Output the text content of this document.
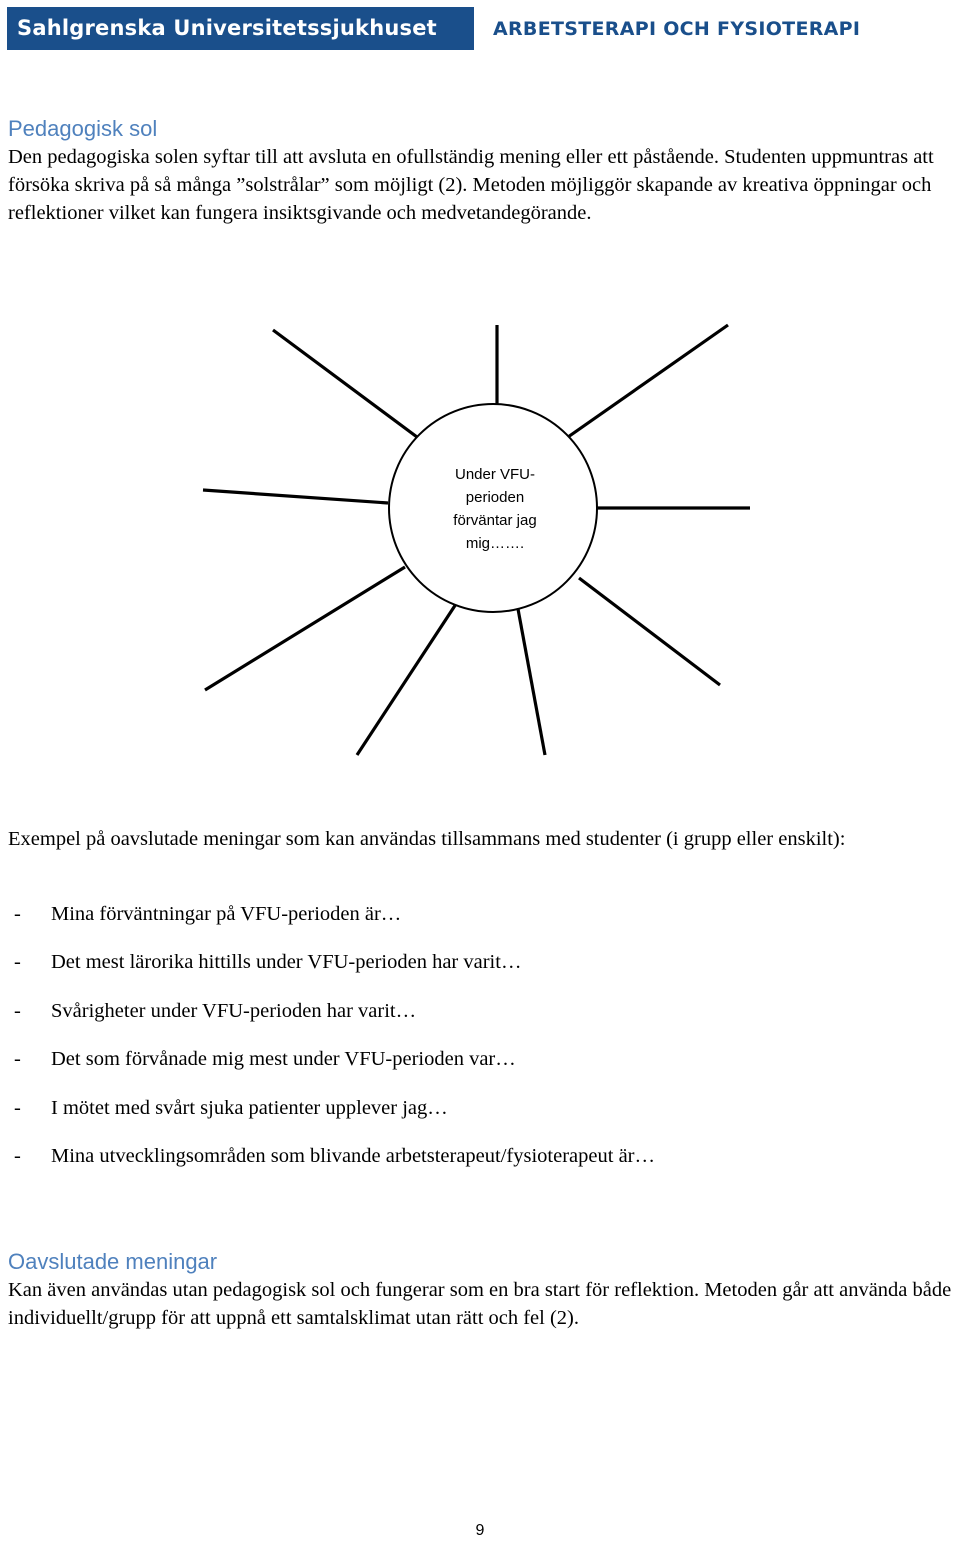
Sahlgrenska Universitetssjukhuset	ARBETSTERAPI OCH FYSIOTERAPI
Pedagogisk sol
Den pedagogiska solen syftar till att avsluta en ofullständig mening eller ett påstående. Studenten uppmuntras att försöka skriva på så många ”solstrålar” som möjligt (2). Metoden möjliggör skapande av kreativa öppningar och reflektioner vilket kan fungera insiktsgivande och medvetandegörande.
Under VFU-
perioden
förväntar jag
mig…….
Exempel på oavslutade meningar som kan användas tillsammans med studenter (i grupp eller enskilt):
-	Mina förväntningar på VFU-perioden är…
-	Det mest lärorika hittills under VFU-perioden har varit…
-	Svårigheter under VFU-perioden har varit…
-	Det som förvånade mig mest under VFU-perioden var…
-	I mötet med svårt sjuka patienter upplever jag…
-	Mina utvecklingsområden som blivande arbetsterapeut/fysioterapeut är…
Oavslutade meningar
Kan även användas utan pedagogisk sol och fungerar som en bra start för reflektion. Metoden går att använda både individuellt/grupp för att uppnå ett samtalsklimat utan rätt och fel (2).
9
